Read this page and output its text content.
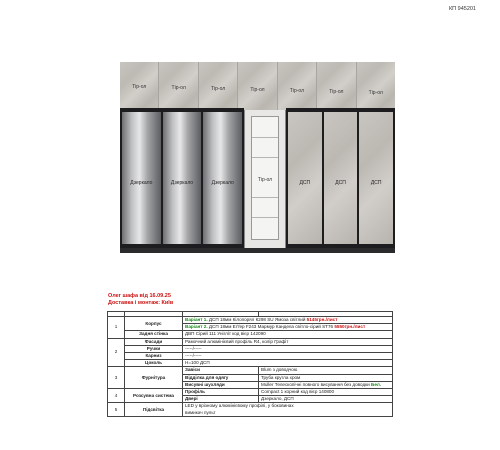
КП 945201
Тір-ол	Тір-ол	Тір-ол	Тір-ол	Тір-ол	Тір-ол	Тір-ол
Дзеркало	Дзеркало	Дзеркало	Тір-ол	ДСП	ДСП	ДСП
Олег шафа від 16.09.25
Доставка і монтаж: Київ

1	Корпус	Варіант 1. ДСП 18мм Кілопорял К298 SU Ямоза світлий 5145грн./лист	
		Варіант 2. ДСП 18мм Еґґер F243 Мармур Кандела світло-сірий ST76 5550грн./лист	
	Задня стінка	ДВП Сірий 111 Унігліт код вієр 142090	
2	Фасади	Рамочний алюмінієвий профіль R4, колір Графіт	
	Ручки	-----/-----	
	Карниз	-----/-----	
	Цоколь	Н=100 ДСП	
3	Фурнітура	Завіси	Blum з доводчою
		Відділка для одягу	Труба кругла хром
		Висувні шухляди	Muller Телескопічні повного висування без доводки Бел.
4	Розсувна система	Профіль	Compact 1 корний код вієр 140800
		Двері	Дзеркало, ДСП
5	Підсвітка	LED у врізному алюмінієвому профілі, у боковинах
вимикач пульт	
